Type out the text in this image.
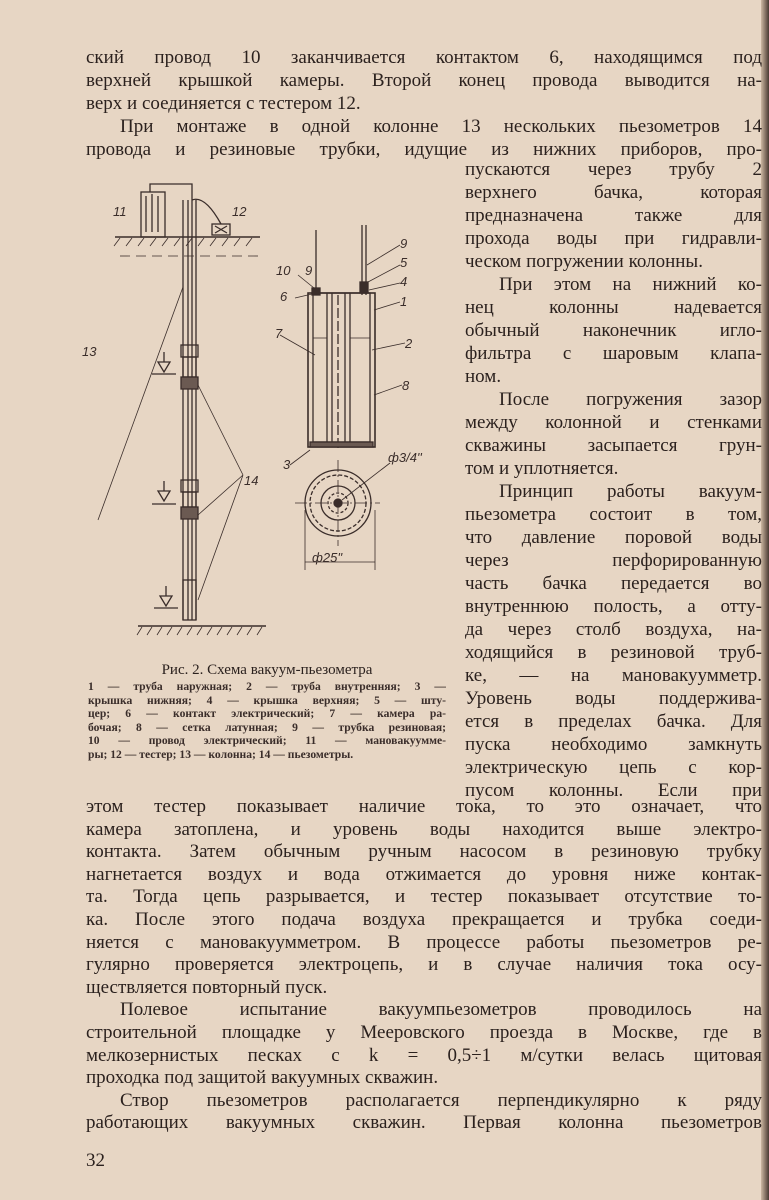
ский провод 10 заканчивается контактом 6, находящимся под
верхней крышкой камеры. Второй конец провода выводится на-
верх и соединяется с тестером 12.
При монтаже в одной колонне 13 нескольких пьезометров 14
провода и резиновые трубки, идущие из нижних приборов, про-
пускаются через трубу 2
верхнего бачка, которая
предназначена также для
прохода воды при гидравли-
ческом погружении колонны.
При этом на нижний ко-
нец колонны надевается
обычный наконечник игло-
фильтра с шаровым клапа-
ном.
После погружения зазор
между колонной и стенками
скважины засыпается грун-
том и уплотняется.
Принцип работы вакуум-
пьезометра состоит в том,
что давление поровой воды
через перфорированную
часть бачка передается во
внутреннюю полость, а отту-
да через столб воздуха, на-
ходящийся в резиновой труб-
ке, — на мановакуумметр.
Уровень воды поддержива-
ется в пределах бачка. Для
пуска необходимо замкнуть
электрическую цепь с кор-
пусом колонны. Если при
этом тестер показывает наличие тока, то это означает, что
камера затоплена, и уровень воды находится выше электро-
контакта. Затем обычным ручным насосом в резиновую трубку
нагнетается воздух и вода отжимается до уровня ниже контак-
та. Тогда цепь разрывается, и тестер показывает отсутствие то-
ка. После этого подача воздуха прекращается и трубка соеди-
няется с мановакуумметром. В процессе работы пьезометров ре-
гулярно проверяется электроцепь, и в случае наличия тока осу-
ществляется повторный пуск.
Полевое испытание вакуумпьезометров проводилось на
строительной площадке у Мееровского проезда в Москве, где в
мелкозернистых песках с k = 0,5÷1 м/сутки велась щитовая
проходка под защитой вакуумных скважин.
Створ пьезометров располагается перпендикулярно к ряду
работающих вакуумных скважин. Первая колонна пьезометров
11	12
13
14
10 9
9
5
4
6	1
7
2
8
3	ф3/4''
ф25''
Рис. 2. Схема вакуум-пьезометра
1 — труба наружная; 2 — труба внутренняя; 3 —
крышка нижняя; 4 — крышка верхняя; 5 — шту-
цер; 6 — контакт электрический; 7 — камера ра-
бочая; 8 — сетка латунная; 9 — трубка резиновая;
10 — провод электрический; 11 — мановакуумме-
ры; 12 — тестер; 13 — колонна; 14 — пьезометры.
32
